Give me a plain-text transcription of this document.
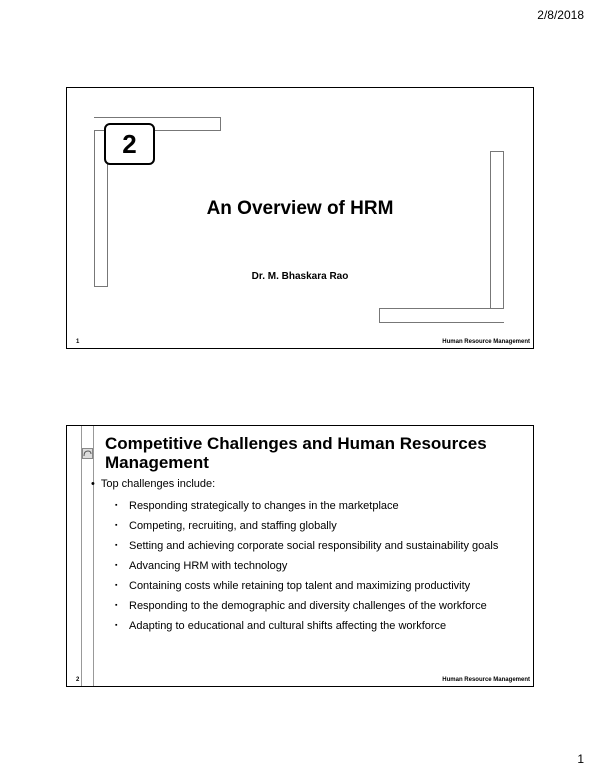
2/8/2018
2
An Overview of HRM
Dr. M. Bhaskara Rao
1	Human Resource Management
Competitive Challenges and Human Resources Management
• Top challenges include:
▪ Responding strategically to changes in the marketplace
▪ Competing, recruiting, and staffing globally
▪ Setting and achieving corporate social responsibility and sustainability goals
▪ Advancing HRM with technology
▪ Containing costs while retaining top talent and maximizing productivity
▪ Responding to the demographic and diversity challenges of the workforce
▪ Adapting to educational and cultural shifts affecting the workforce
2	Human Resource Management
1
